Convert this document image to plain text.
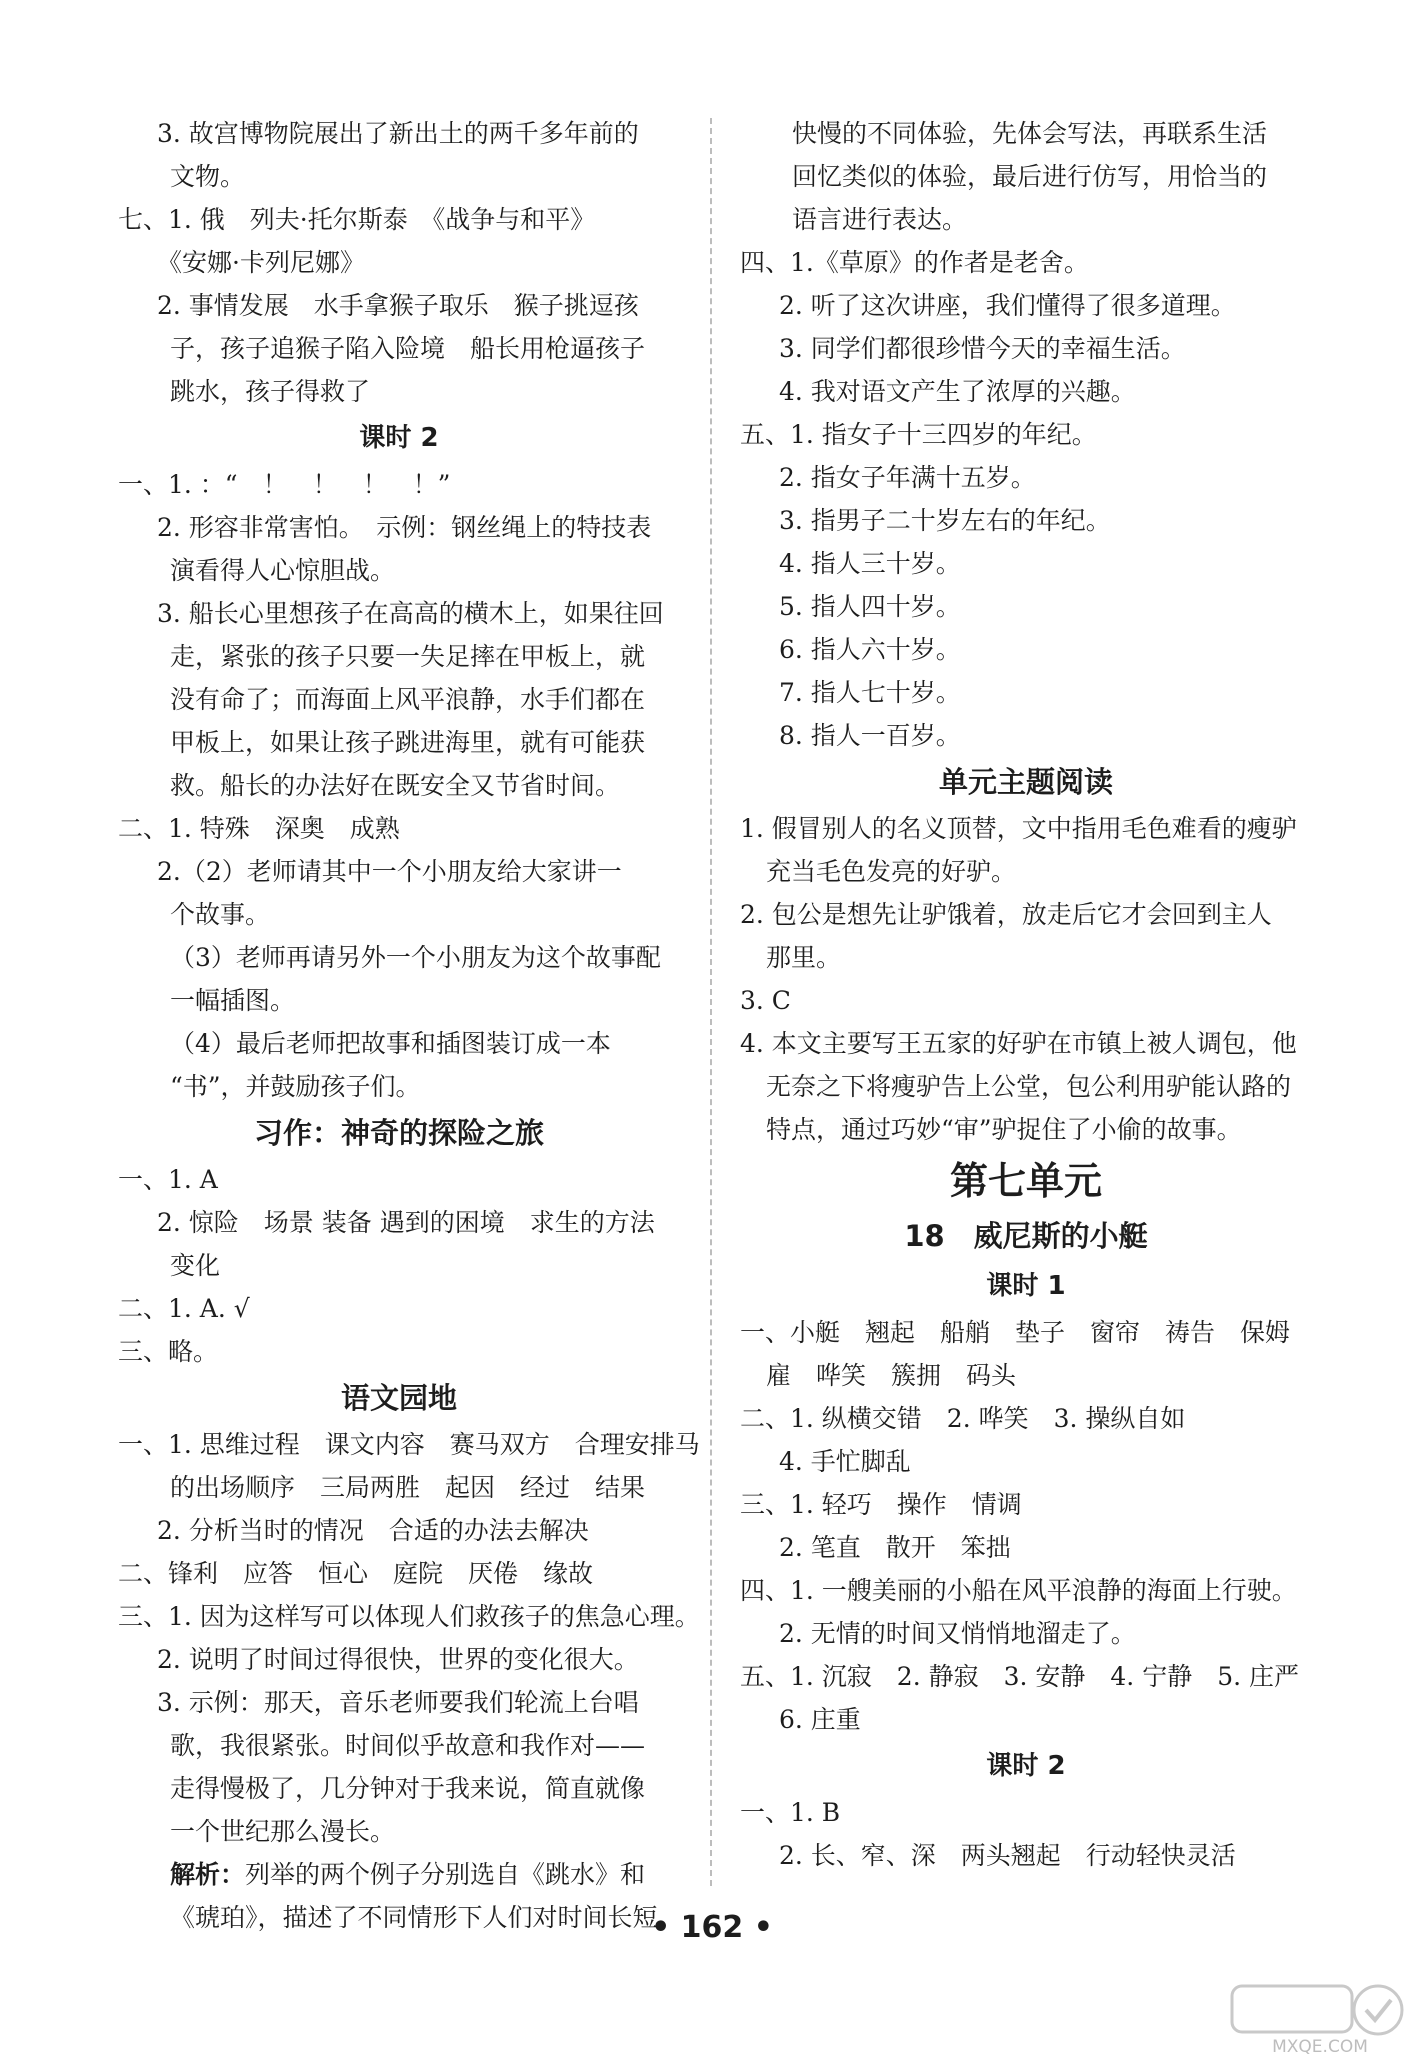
3. 故宫博物院展出了新出土的两千多年前的
文物。
七、1. 俄　列夫·托尔斯泰　《战争与和平》
《安娜·卡列尼娜》
2. 事情发展　水手拿猴子取乐　猴子挑逗孩
子，孩子追猴子陷入险境　船长用枪逼孩子
跳水，孩子得救了
课时 2
一、1. ：“　！　！　！　！”
2. 形容非常害怕。　示例：钢丝绳上的特技表
演看得人心惊胆战。
3. 船长心里想孩子在高高的横木上，如果往回
走，紧张的孩子只要一失足摔在甲板上，就
没有命了；而海面上风平浪静，水手们都在
甲板上，如果让孩子跳进海里，就有可能获
救。船长的办法好在既安全又节省时间。
二、1. 特殊　深奥　成熟
2.（2）老师请其中一个小朋友给大家讲一
个故事。
（3）老师再请另外一个小朋友为这个故事配
一幅插图。
（4）最后老师把故事和插图装订成一本
“书”，并鼓励孩子们。
习作：神奇的探险之旅
一、1. A
2. 惊险　场景 装备 遇到的困境　求生的方法
变化
二、1. A. √
三、略。
语文园地
一、1. 思维过程　课文内容　赛马双方　合理安排马
的出场顺序　三局两胜　起因　经过　结果
2. 分析当时的情况　合适的办法去解决
二、锋利　应答　恒心　庭院　厌倦　缘故
三、1. 因为这样写可以体现人们救孩子的焦急心理。
2. 说明了时间过得很快，世界的变化很大。
3. 示例：那天，音乐老师要我们轮流上台唱
歌，我很紧张。时间似乎故意和我作对——
走得慢极了，几分钟对于我来说，简直就像
一个世纪那么漫长。
解析：列举的两个例子分别选自《跳水》和
《琥珀》，描述了不同情形下人们对时间长短、
快慢的不同体验，先体会写法，再联系生活
回忆类似的体验，最后进行仿写，用恰当的
语言进行表达。
四、1.《草原》的作者是老舍。
2. 听了这次讲座，我们懂得了很多道理。
3. 同学们都很珍惜今天的幸福生活。
4. 我对语文产生了浓厚的兴趣。
五、1. 指女子十三四岁的年纪。
2. 指女子年满十五岁。
3. 指男子二十岁左右的年纪。
4. 指人三十岁。
5. 指人四十岁。
6. 指人六十岁。
7. 指人七十岁。
8. 指人一百岁。
单元主题阅读
1. 假冒别人的名义顶替，文中指用毛色难看的瘦驴
充当毛色发亮的好驴。
2. 包公是想先让驴饿着，放走后它才会回到主人
那里。
3. C
4. 本文主要写王五家的好驴在市镇上被人调包，他
无奈之下将瘦驴告上公堂，包公利用驴能认路的
特点，通过巧妙“审”驴捉住了小偷的故事。
第七单元
18　威尼斯的小艇
课时 1
一、小艇　翘起　船艄　垫子　窗帘　祷告　保姆
雇　哗笑　簇拥　码头
二、1. 纵横交错　2. 哗笑　3. 操纵自如
4. 手忙脚乱
三、1. 轻巧　操作　情调
2. 笔直　散开　笨拙
四、1. 一艘美丽的小船在风平浪静的海面上行驶。
2. 无情的时间又悄悄地溜走了。
五、1. 沉寂　2. 静寂　3. 安静　4. 宁静　5. 庄严
6. 庄重
课时 2
一、1. B
2. 长、窄、深　两头翘起　行动轻快灵活
• 162 •
MXQE.COM
